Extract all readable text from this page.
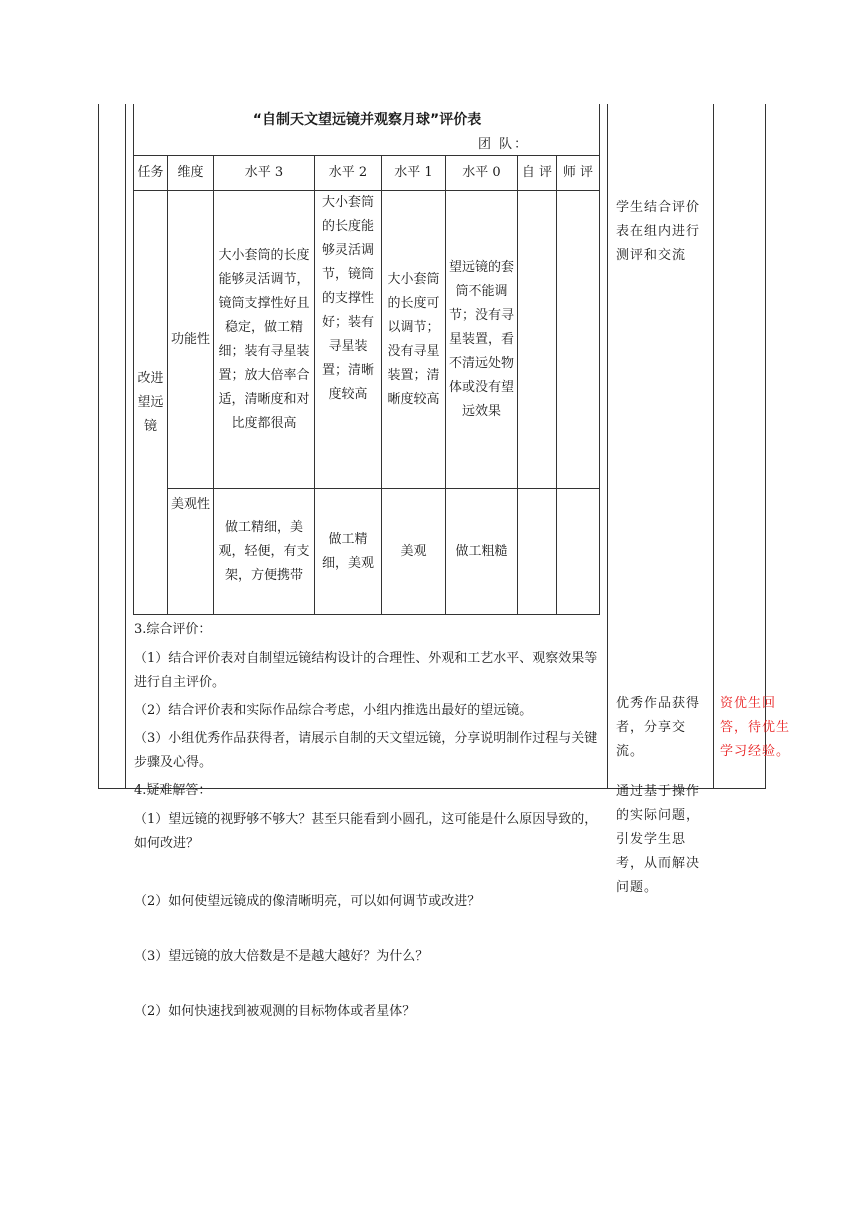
“自制天文望远镜并观察月球”评价表
团 队：
任务	维度	水平 3	水平 2	水平 1	水平 0	自 评	师 评
改进望远镜	功能性	大小套筒的长度能够灵活调节，镜筒支撑性好且稳定，做工精细；装有寻星装置；放大倍率合适，清晰度和对比度都很高	大小套筒的长度能够灵活调节，镜筒的支撑性好；装有寻星装置；清晰度较高	大小套筒的长度可以调节；没有寻星装置；清晰度较高	望远镜的套筒不能调节；没有寻星装置，看不清远处物体或没有望远效果		
	美观性	做工精细，美观，轻便，有支架，方便携带	做工精细，美观	美观	做工粗糙		
3.综合评价：
（1）结合评价表对自制望远镜结构设计的合理性、外观和工艺水平、观察效果等进行自主评价。
（2）结合评价表和实际作品综合考虑，小组内推选出最好的望远镜。
（3）小组优秀作品获得者，请展示自制的天文望远镜，分享说明制作过程与关键步骤及心得。
4.疑难解答：
（1）望远镜的视野够不够大？甚至只能看到小圆孔，这可能是什么原因导致的，如何改进？
（2）如何使望远镜成的像清晰明亮，可以如何调节或改进？
（3）望远镜的放大倍数是不是越大越好？为什么？
（2）如何快速找到被观测的目标物体或者星体？
学生结合评价表在组内进行测评和交流
优秀作品获得者，分享交流。
通过基于操作的实际问题，引发学生思考，从而解决问题。
资优生回答，待优生学习经验。
